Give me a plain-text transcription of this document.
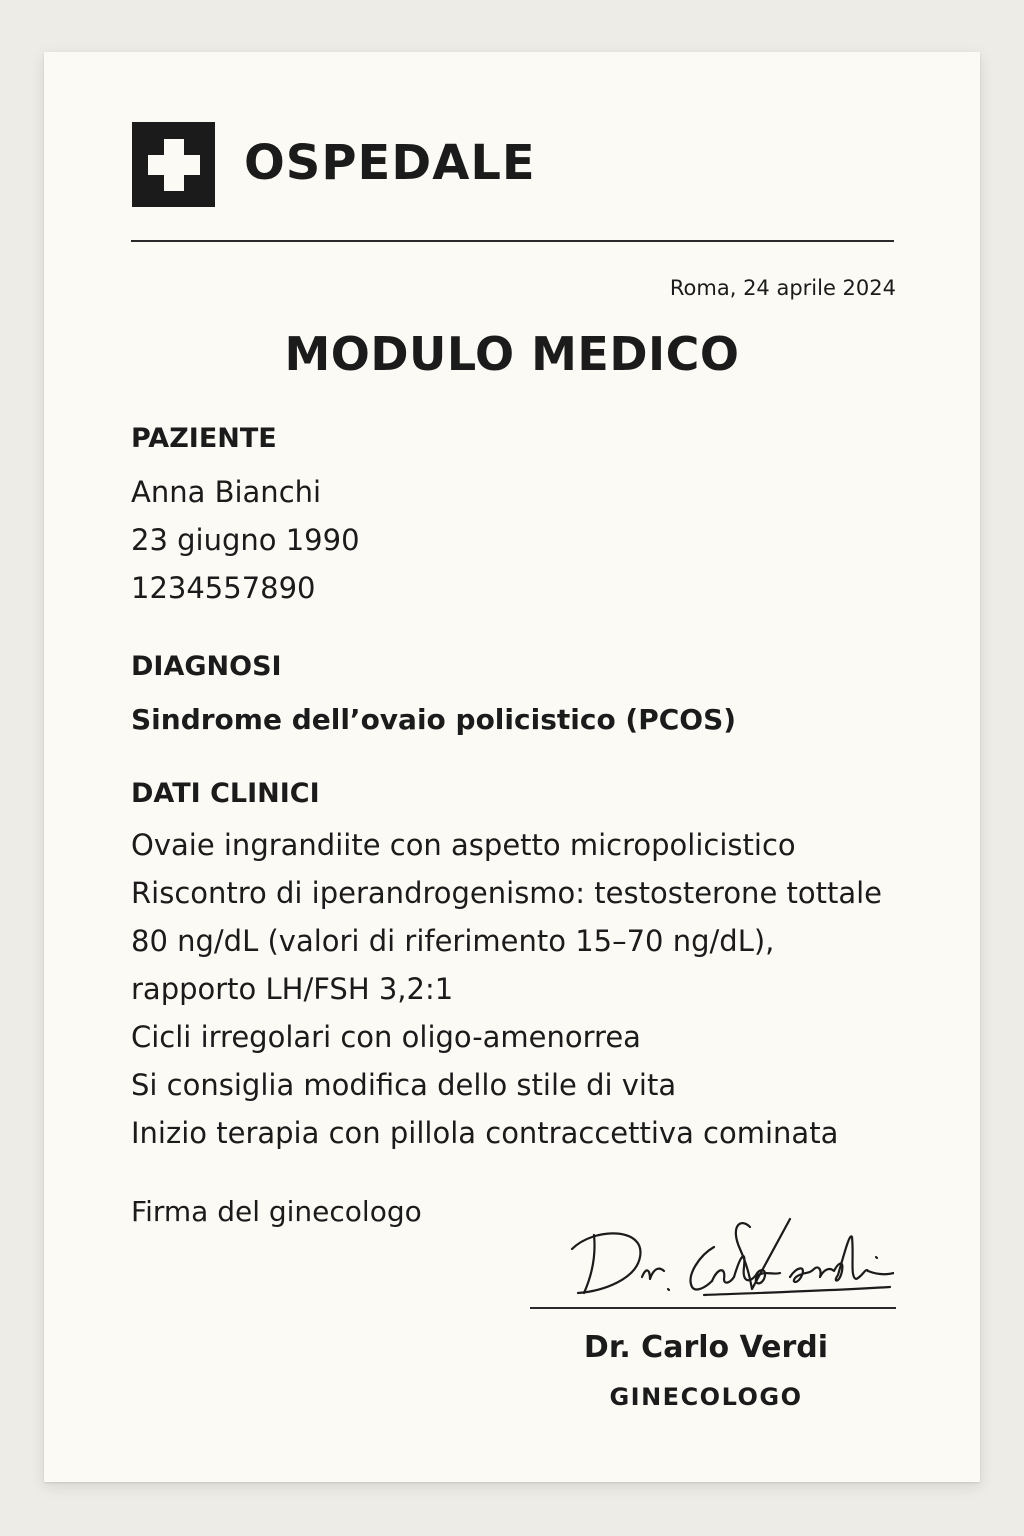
OSPEDALE
Roma, 24 aprile 2024
MODULO MEDICO
PAZIENTE
Anna Bianchi
23 giugno 1990
1234557890
DIAGNOSI
Sindrome dell’ovaio policistico (PCOS)
DATI CLINICI
Ovaie ingrandiite con aspetto micropolicistico
Riscontro di iperandrogenismo: testosterone tottale
80 ng/dL (valori di riferimento 15–70 ng/dL),
rapporto LH/FSH 3,2:1
Cicli irregolari con oligo-amenorrea
Si consiglia modifica dello stile di vita
Inizio terapia con pillola contraccettiva cominata
Firma del ginecologo
Dr. Carlo Verdi
GINECOLOGO
